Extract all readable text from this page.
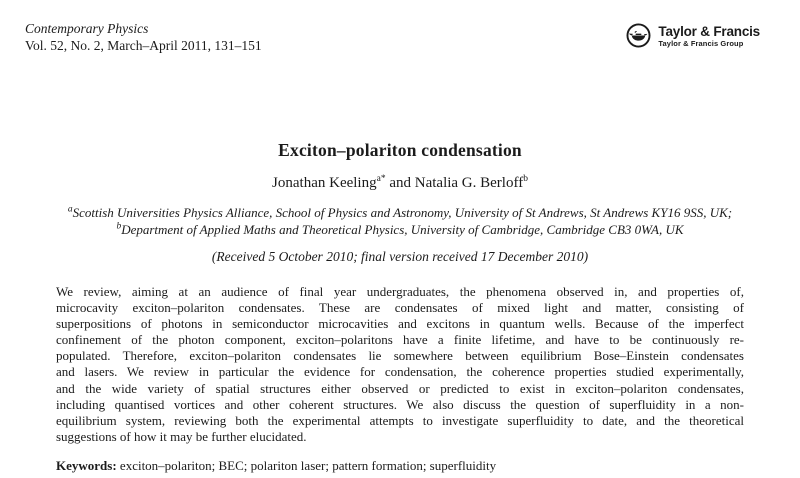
Contemporary Physics
Vol. 52, No. 2, March–April 2011, 131–151
Taylor & Francis
Taylor & Francis Group
Exciton–polariton condensation
Jonathan Keeling$^{a*}$ and Natalia G. Berloff$^b$
$^a$Scottish Universities Physics Alliance, School of Physics and Astronomy, University of St Andrews, St Andrews KY16 9SS, UK;
$^b$Department of Applied Maths and Theoretical Physics, University of Cambridge, Cambridge CB3 0WA, UK
(Received 5 October 2010; final version received 17 December 2010)
We review, aiming at an audience of final year undergraduates, the phenomena observed in, and properties of,
microcavity exciton–polariton condensates. These are condensates of mixed light and matter, consisting of
superpositions of photons in semiconductor microcavities and excitons in quantum wells. Because of the imperfect
confinement of the photon component, exciton–polaritons have a finite lifetime, and have to be continuously re-
populated. Therefore, exciton–polariton condensates lie somewhere between equilibrium Bose–Einstein condensates
and lasers. We review in particular the evidence for condensation, the coherence properties studied experimentally,
and the wide variety of spatial structures either observed or predicted to exist in exciton–polariton condensates,
including quantised vortices and other coherent structures. We also discuss the question of superfluidity in a non-
equilibrium system, reviewing both the experimental attempts to investigate superfluidity to date, and the theoretical
suggestions of how it may be further elucidated.
Keywords: exciton–polariton; BEC; polariton laser; pattern formation; superfluidity
